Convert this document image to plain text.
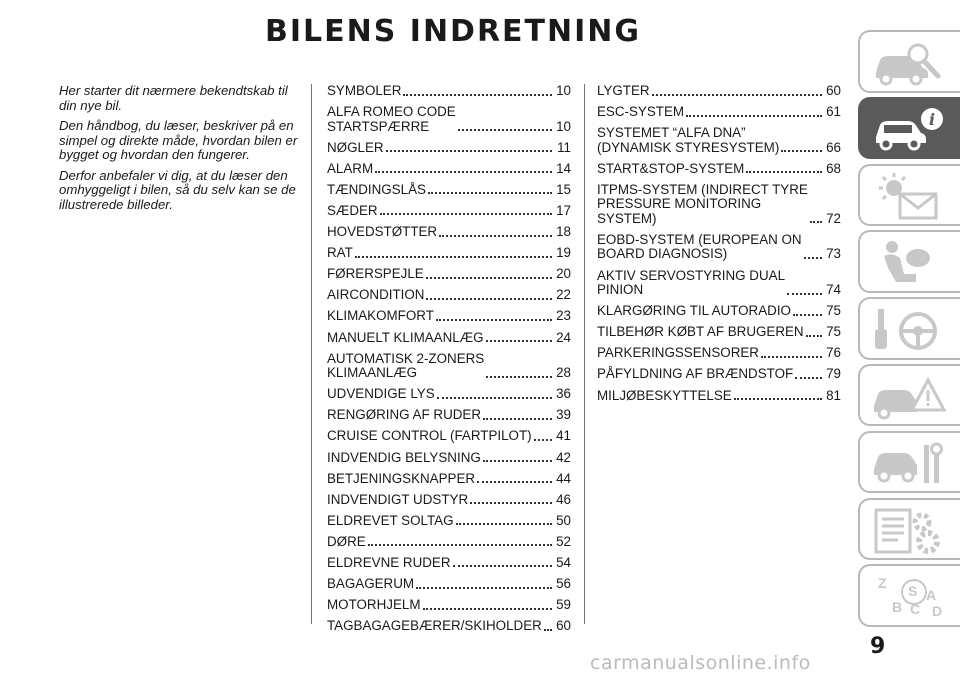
BILENS INDRETNING

Her starter dit nærmere bekendtskab til din nye bil.

Den håndbog, du læser, beskriver på en simpel og direkte måde, hvordan bilen er bygget og hvordan den fungerer.

Derfor anbefaler vi dig, at du læser den omhyggeligt i bilen, så du selv kan se de illustrerede billeder.

SYMBOLER	10
ALFA ROMEO CODE
STARTSPÆRRE	10
NØGLER	11
ALARM	14
TÆNDINGSLÅS	15
SÆDER	17
HOVEDSTØTTER	18
RAT	19
FØRERSPEJLE	20
AIRCONDITION	22
KLIMAKOMFORT	23
MANUELT KLIMAANLÆG	24
AUTOMATISK 2-ZONERS
KLIMAANLÆG	28
UDVENDIGE LYS	36
RENGØRING AF RUDER	39
CRUISE CONTROL (FARTPILOT) 41
INDVENDIG BELYSNING	42
BETJENINGSKNAPPER	44
INDVENDIGT UDSTYR	46
ELDREVET SOLTAG	50
DØRE	52
ELDREVNE RUDER	54
BAGAGERUM	56
MOTORHJELM	59
TAGBAGAGEBÆRER/SKIHOLDER 60
LYGTER	60
ESC-SYSTEM	61
SYSTEMET “ALFA DNA”
(DYNAMISK STYRESYSTEM)	66
START&STOP-SYSTEM	68
ITPMS-SYSTEM (INDIRECT TYRE
PRESSURE MONITORING
SYSTEM)	72
EOBD-SYSTEM (EUROPEAN ON
BOARD DIAGNOSIS)	73
AKTIV SERVOSTYRING DUAL
PINION	74
KLARGØRING TIL AUTORADIO	75
TILBEHØR KØBT AF BRUGEREN 75
PARKERINGSSENSORER	76
PÅFYLDNING AF BRÆNDSTOF 79
MILJØBESKYTTELSE	81
i
Z
B C
A
D
S
9
carmanualsonline.info
